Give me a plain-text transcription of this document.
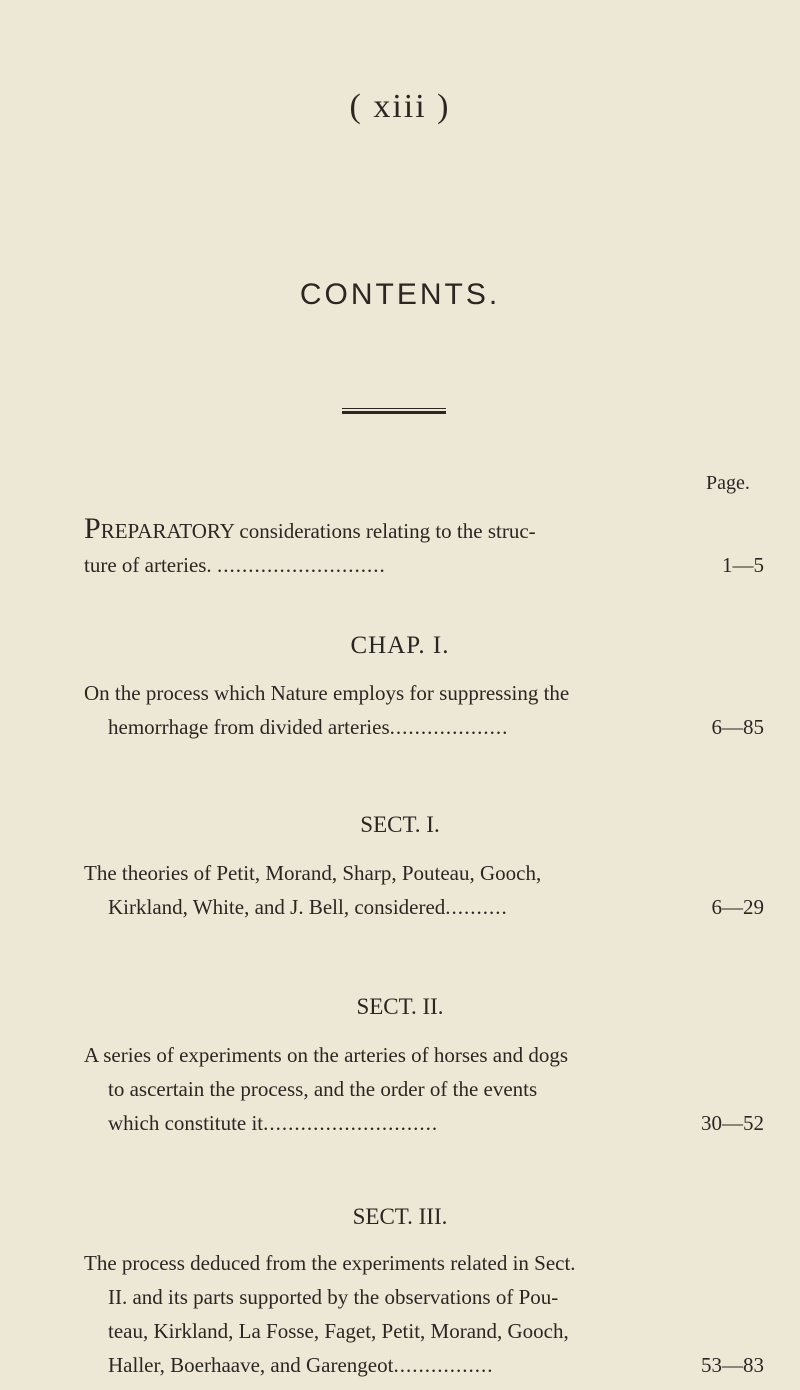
( xiii )
CONTENTS.
Page.
PREPARATORY considerations relating to the struc-
ture of arteries. ...........................	1—5
CHAP. I.
On the process which Nature employs for suppressing the
hemorrhage from divided arteries...................	6—85
SECT. I.
The theories of Petit, Morand, Sharp, Pouteau, Gooch,
Kirkland, White, and J. Bell, considered..........	6—29
SECT. II.
A series of experiments on the arteries of horses and dogs
to ascertain the process, and the order of the events
which constitute it............................	30—52
SECT. III.
The process deduced from the experiments related in Sect.
II. and its parts supported by the observations of Pou-
teau, Kirkland, La Fosse, Faget, Petit, Morand, Gooch,
Haller, Boerhaave, and Garengeot................	53—83
